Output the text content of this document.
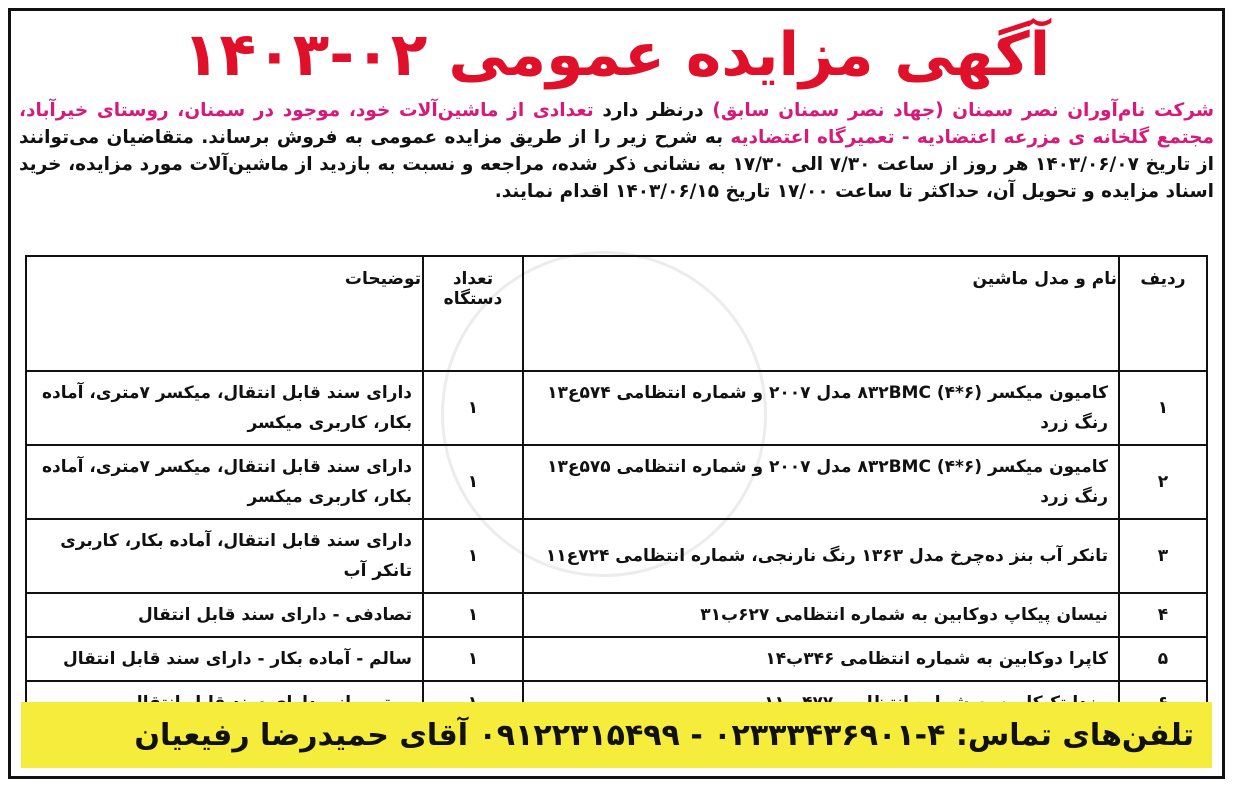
آگهی مزایده عمومی ۰۲-۱۴۰۳
شرکت نام‌آوران نصر سمنان (جهاد نصر سمنان سابق) درنظر دارد تعدادی از ماشین‌آلات خود، موجود در سمنان، روستای خیرآباد، مجتمع گلخانه ی مزرعه اعتضادیه - تعمیرگاه اعتضادیه به شرح زیر را از طریق مزایده عمومی به فروش برساند. متقاضیان می‌توانند از تاریخ ۱۴۰۳/۰۶/۰۷ هر روز از ساعت ۷/۳۰ الی ۱۷/۳۰ به نشانی ذکر شده، مراجعه و نسبت به بازدید از ماشین‌آلات مورد مزایده، خرید اسناد مزایده و تحویل آن، حداکثر تا ساعت ۱۷/۰۰ تاریخ ۱۴۰۳/۰۶/۱۵ اقدام نمایند.
ردیف	نام و مدل ماشین	تعداد دستگاه	توضیحات
۱	کامیون میکسر ۸۳۲BMC (۴*۶) مدل ۲۰۰۷ و شماره انتظامی ۵۷۴ع۱۳ رنگ زرد	۱	دارای سند قابل انتقال، میکسر ۷متری، آماده بکار، کاربری میکسر
۲	کامیون میکسر ۸۳۲BMC (۴*۶) مدل ۲۰۰۷ و شماره انتظامی ۵۷۵ع۱۳ رنگ زرد	۱	دارای سند قابل انتقال، میکسر ۷متری، آماده بکار، کاربری میکسر
۳	تانکر آب بنز ده‌چرخ مدل ۱۳۶۳ رنگ نارنجی، شماره انتظامی ۷۲۴ع۱۱	۱	دارای سند قابل انتقال، آماده بکار، کاربری تانکر آب
۴	نیسان پیکاپ دوکابین به شماره انتظامی ۶۲۷ب۳۱	۱	تصادفی - دارای سند قابل انتقال
۵	کاپرا دوکابین به شماره انتظامی ۳۴۶ب۱۴	۱	سالم - آماده بکار - دارای سند قابل انتقال

تلفن‌های تماس: ۴-۰۲۳۳۳۴۳۶۹۰۱ - ۰۹۱۲۲۳۱۵۴۹۹ آقای حمیدرضا رفیعیان
